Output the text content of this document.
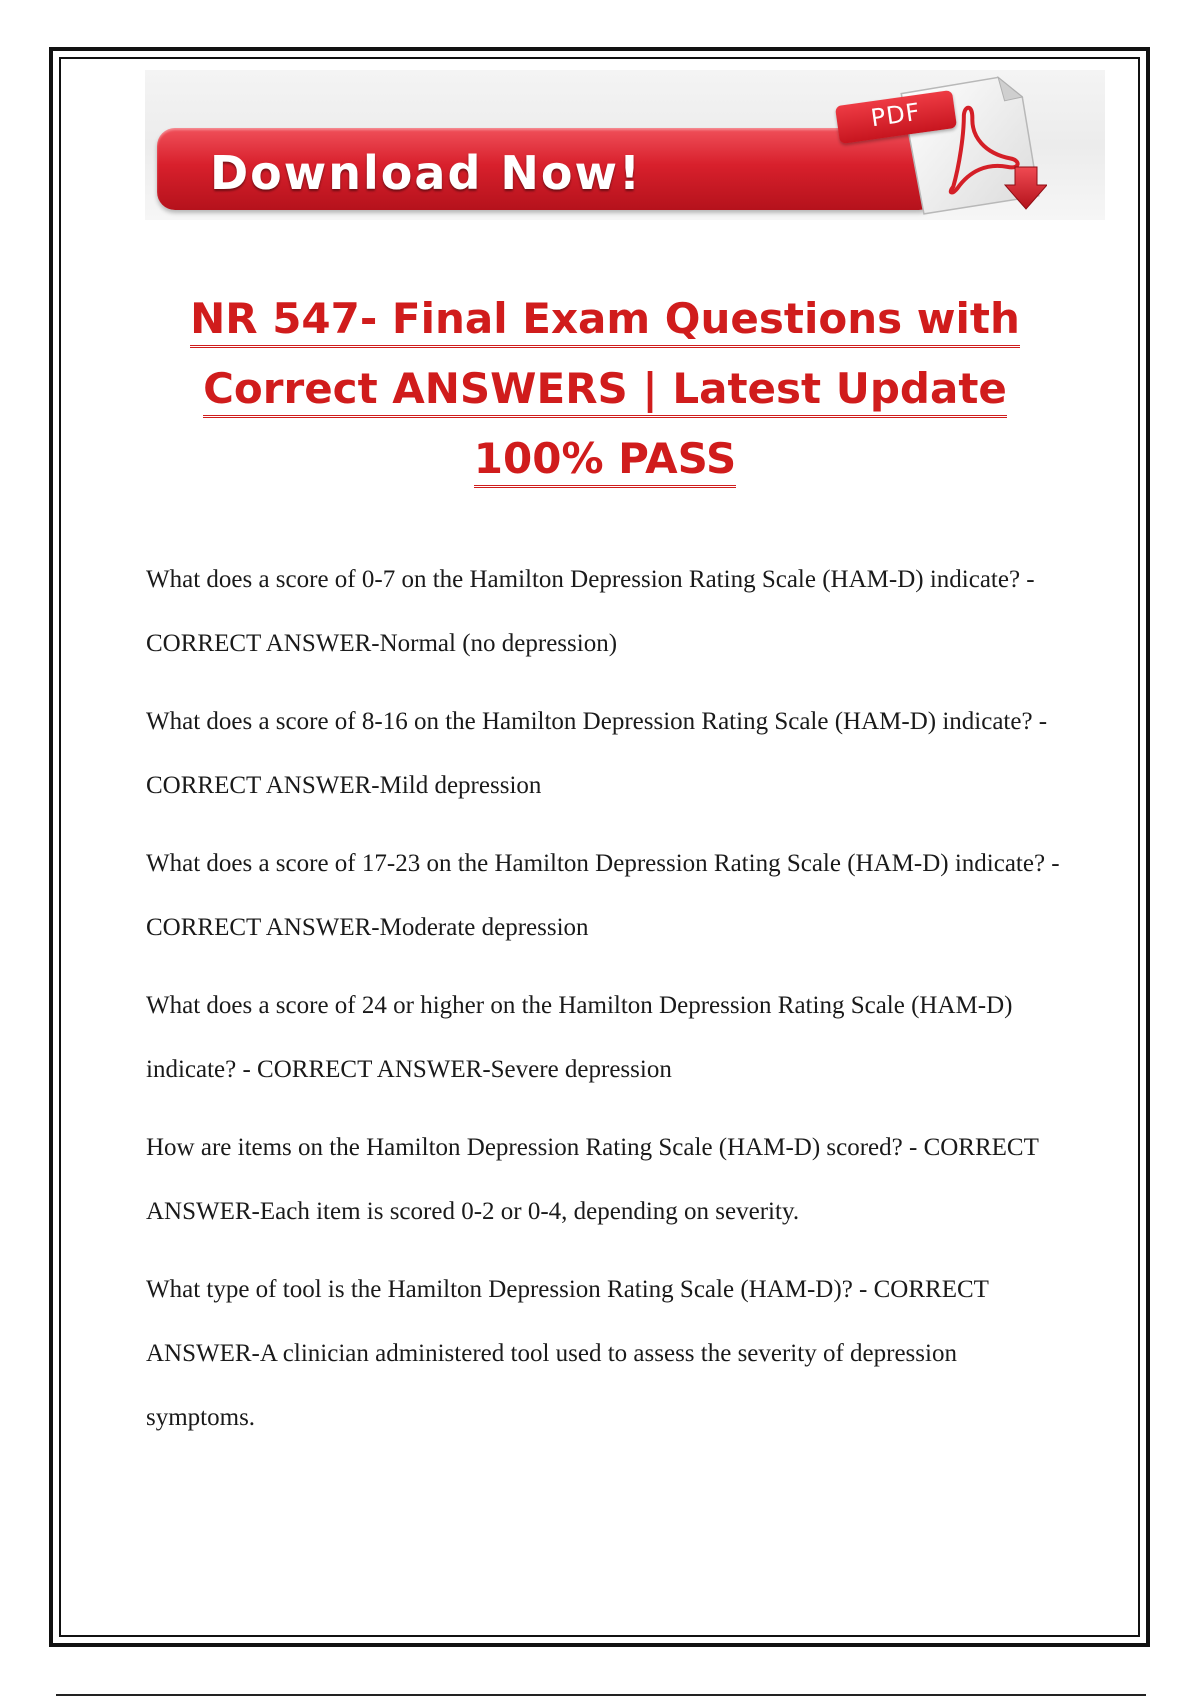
Download Now!
PDF
NR 547- Final Exam Questions with
Correct ANSWERS | Latest Update
100% PASS

What does a score of 0-7 on the Hamilton Depression Rating Scale (HAM-D) indicate? - CORRECT ANSWER-Normal (no depression)

What does a score of 8-16 on the Hamilton Depression Rating Scale (HAM-D) indicate? - CORRECT ANSWER-Mild depression

What does a score of 17-23 on the Hamilton Depression Rating Scale (HAM-D) indicate? - CORRECT ANSWER-Moderate depression

What does a score of 24 or higher on the Hamilton Depression Rating Scale (HAM-D) indicate? - CORRECT ANSWER-Severe depression

How are items on the Hamilton Depression Rating Scale (HAM-D) scored? - CORRECT ANSWER-Each item is scored 0-2 or 0-4, depending on severity.

What type of tool is the Hamilton Depression Rating Scale (HAM-D)? - CORRECT ANSWER-A clinician administered tool used to assess the severity of depression symptoms.
